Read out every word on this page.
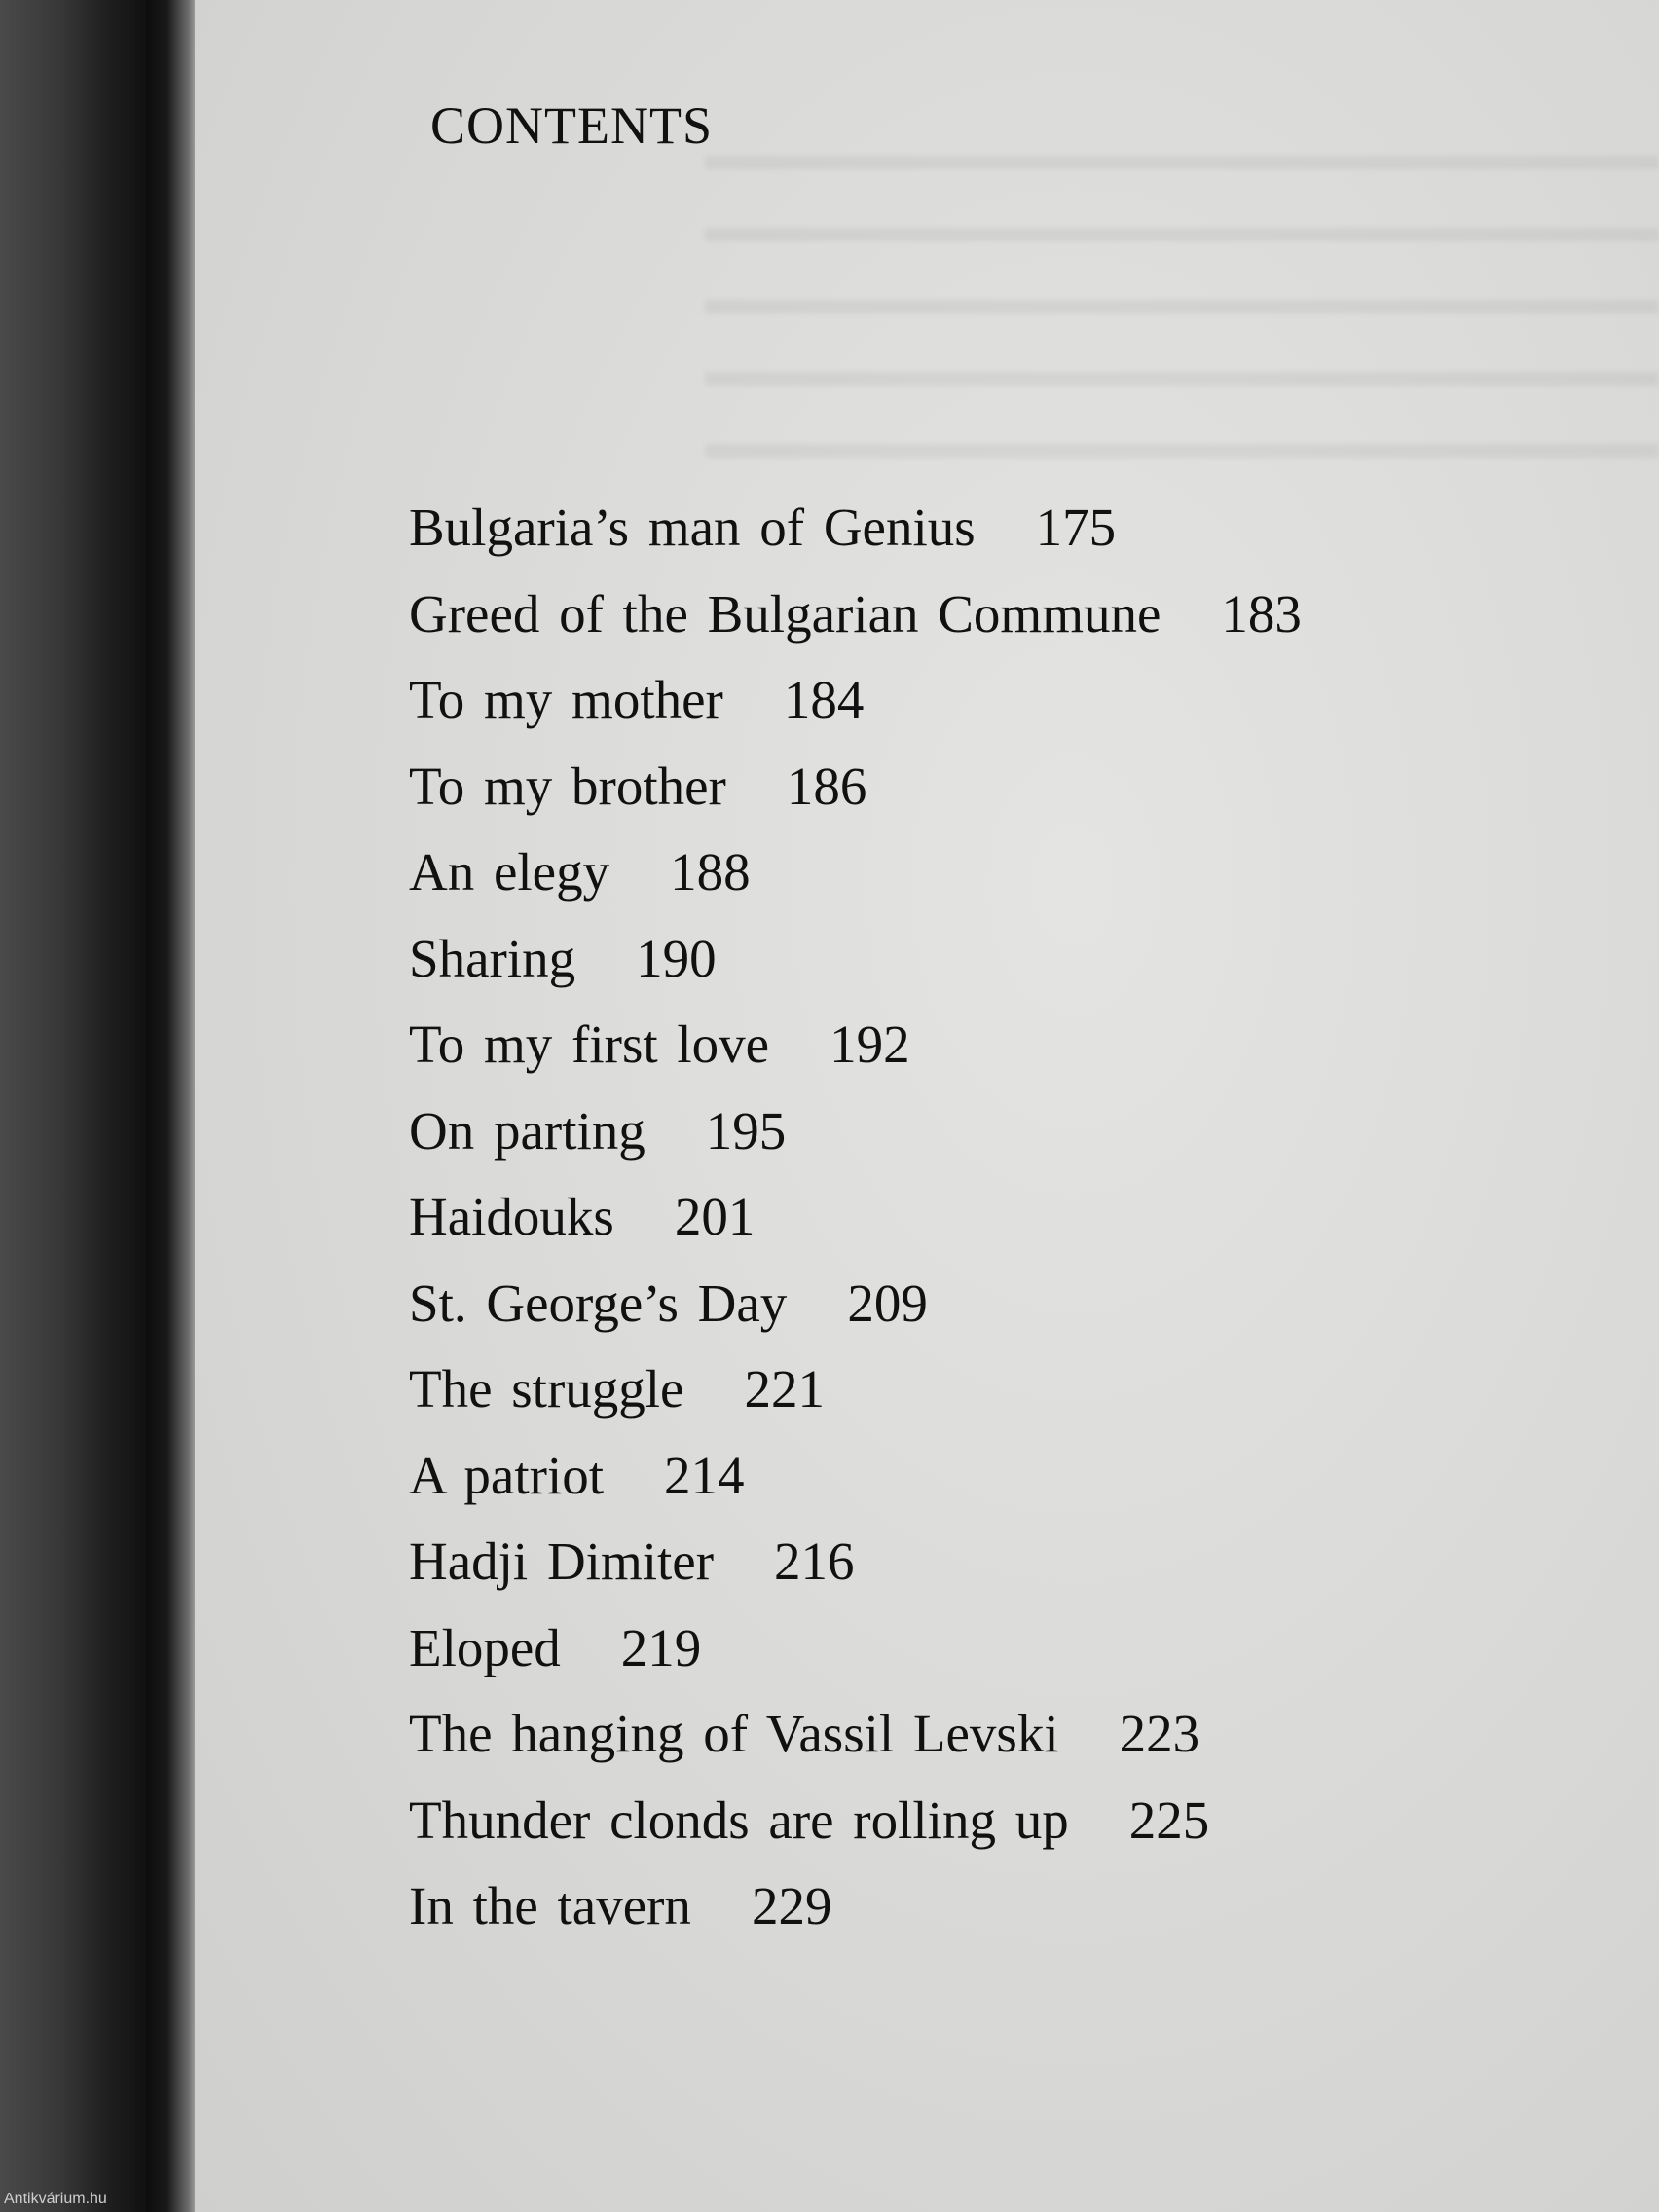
CONTENTS
Bulgaria’s man of Genius 175
Greed of the Bulgarian Commune 183
To my mother 184
To my brother 186
An elegy 188
Sharing 190
To my first love 192
On parting 195
Haidouks 201
St. George’s Day 209
The struggle 221
A patriot 214
Hadji Dimiter 216
Eloped 219
The hanging of Vassil Levski 223
Thunder clonds are rolling up 225
In the tavern 229
Antikvárium.hu
